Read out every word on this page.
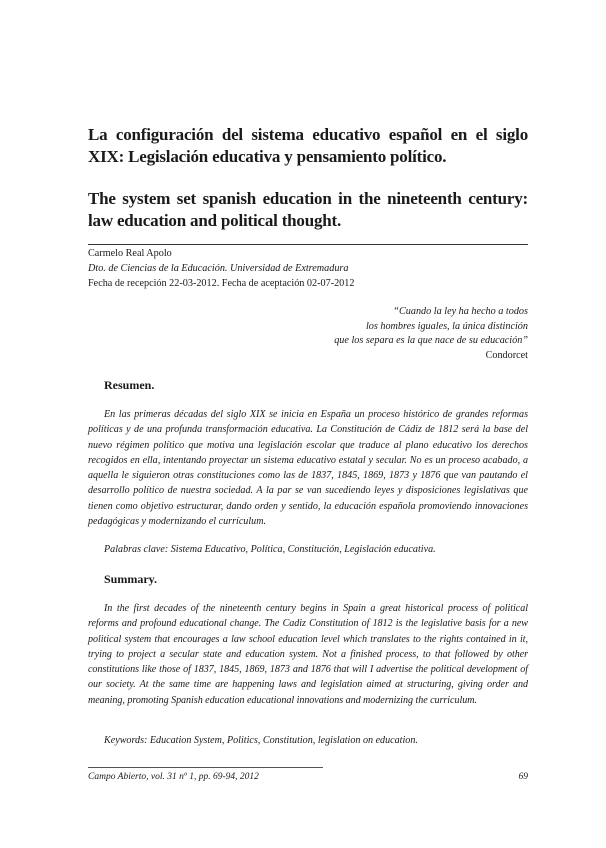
La configuración del sistema educativo español en el siglo XIX: Legislación educativa y pensamiento político.
The system set spanish education in the nineteenth century: law education and political thought.
Carmelo Real Apolo
Dto. de Ciencias de la Educación. Universidad de Extremadura
Fecha de recepción 22-03-2012. Fecha de aceptación 02-07-2012
“Cuando la ley ha hecho a todos
los hombres iguales, la única distinción
que los separa es la que nace de su educación”
Condorcet
Resumen.

En las primeras décadas del siglo XIX se inicia en España un proceso histórico de grandes reformas políticas y de una profunda transformación educativa. La Constitución de Cádiz de 1812 será la base del nuevo régimen político que motiva una legislación escolar que traduce al plano educativo los derechos recogidos en ella, intentando proyectar un sistema educativo estatal y secular. No es un proceso acabado, a aquella le siguieron otras constituciones como las de 1837, 1845, 1869, 1873 y 1876 que van pautando el desarrollo político de nuestra sociedad. A la par se van sucediendo leyes y disposiciones legislativas que tienen como objetivo estructurar, dando orden y sentido, la educación española promoviendo innovaciones pedagógicas y modernizando el currículum.

Palabras clave: Sistema Educativo, Política, Constitución, Legislación educativa.

Summary.

In the first decades of the nineteenth century begins in Spain a great historical process of political reforms and profound educational change. The Cadiz Constitution of 1812 is the legislative basis for a new political system that encourages a law school education level which translates to the rights contained in it, trying to project a secular state and education system. Not a finished process, to that followed by other constitutions like those of 1837, 1845, 1869, 1873 and 1876 that will I advertise the political development of our society. At the same time are happening laws and legislation aimed at structuring, giving order and meaning, promoting Spanish education educational innovations and modernizing the curriculum.

Keywords: Education System, Politics, Constitution, legislation on education.

Campo Abierto, vol. 31 nº 1, pp. 69-94, 2012	69
